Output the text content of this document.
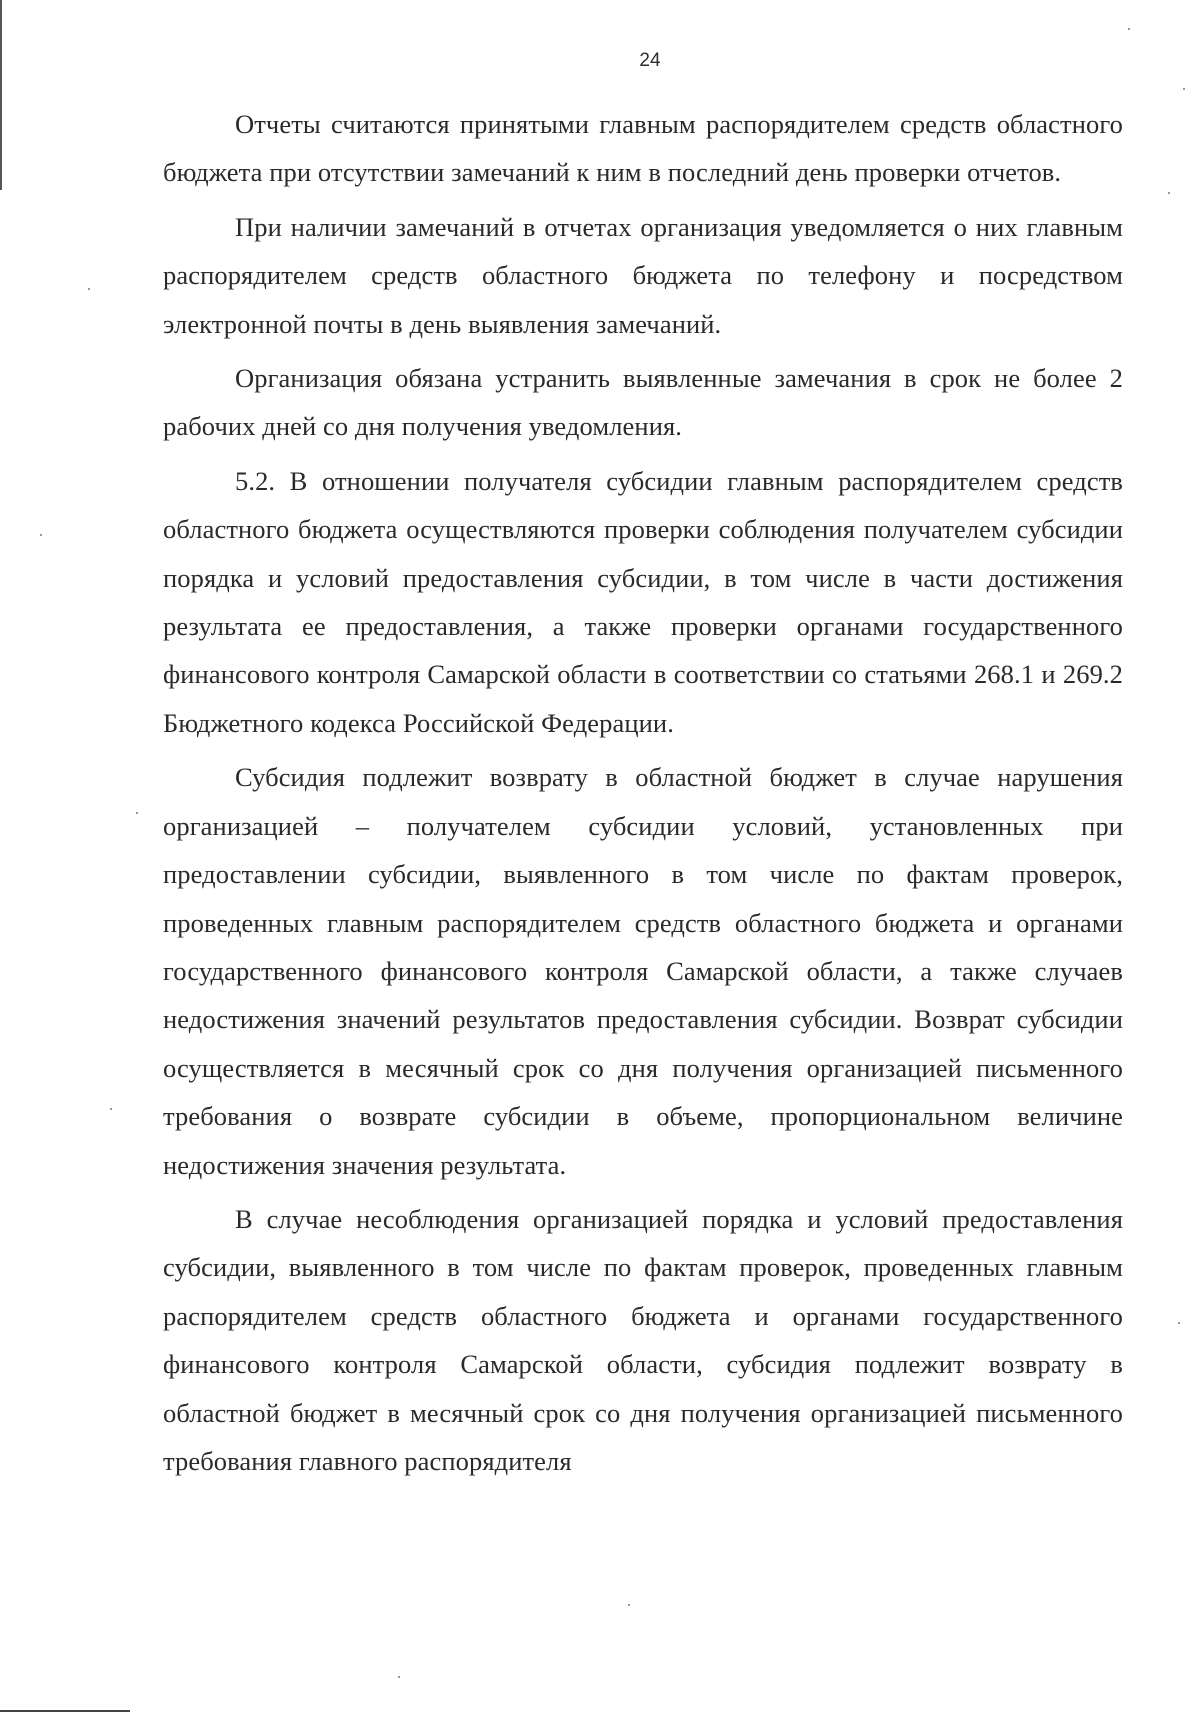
24

Отчеты считаются принятыми главным распорядителем средств областного бюджета при отсутствии замечаний к ним в последний день проверки отчетов.

При наличии замечаний в отчетах организация уведомляется о них главным распорядителем средств областного бюджета по телефону и посредством электронной почты в день выявления замечаний.

Организация обязана устранить выявленные замечания в срок не более 2 рабочих дней со дня получения уведомления.

5.2. В отношении получателя субсидии главным распорядителем средств областного бюджета осуществляются проверки соблюдения получателем субсидии порядка и условий предоставления субсидии, в том числе в части достижения результата ее предоставления, а также проверки органами государственного финансового контроля Самарской области в соответствии со статьями 268.1 и 269.2 Бюджетного кодекса Российской Федерации.

Субсидия подлежит возврату в областной бюджет в случае нарушения организацией – получателем субсидии условий, установленных при предоставлении субсидии, выявленного в том числе по фактам проверок, проведенных главным распорядителем средств областного бюджета и органами государственного финансового контроля Самарской области, а также случаев недостижения значений результатов предоставления субсидии. Возврат субсидии осуществляется в месячный срок со дня получения организацией письменного требования о возврате субсидии в объеме, пропорциональном величине недостижения значения результата.

В случае несоблюдения организацией порядка и условий предоставления субсидии, выявленного в том числе по фактам проверок, проведенных главным распорядителем средств областного бюджета и органами государственного финансового контроля Самарской области, субсидия подлежит возврату в областной бюджет в месячный срок со дня получения организацией письменного требования главного распорядителя
